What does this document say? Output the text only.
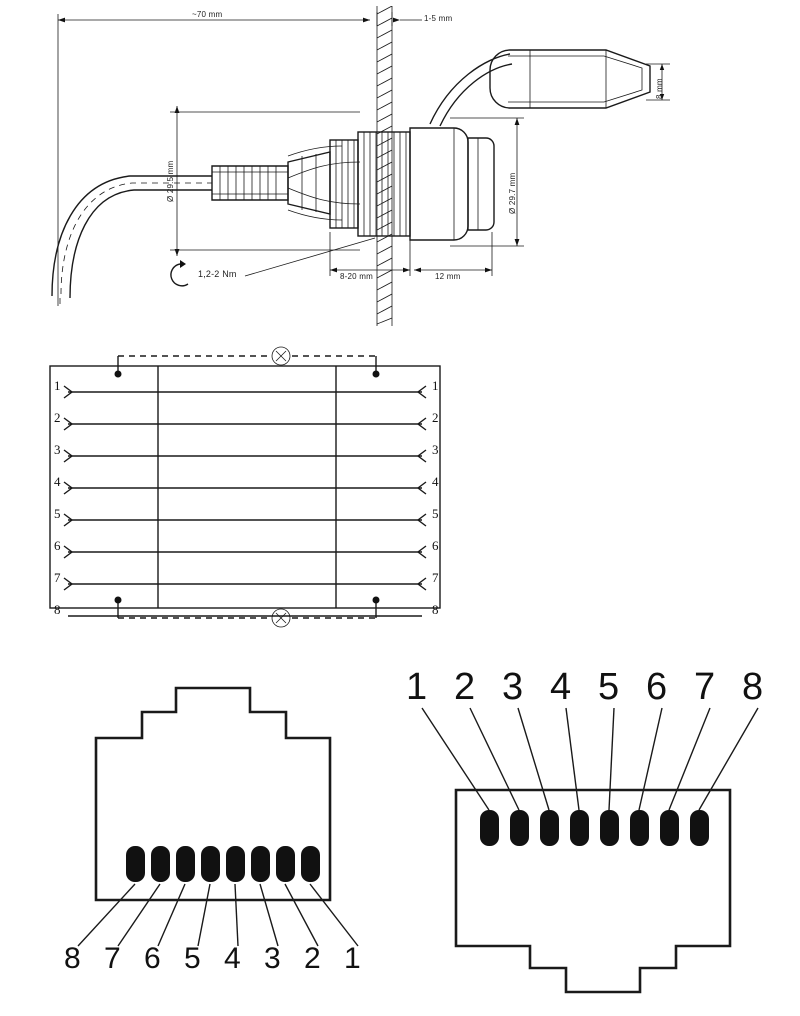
~70 mm	1-5 mm
Ø 29.5 mm	Ø 29.7 mm
8 mm
1,2-2 Nm	8-20 mm	12 mm
1
2
3
4
5
6
7
8
1
2
3
4
5
6
7
8
8 7 6 5 4 3 2 1
1 2 3 4 5 6 7 8
